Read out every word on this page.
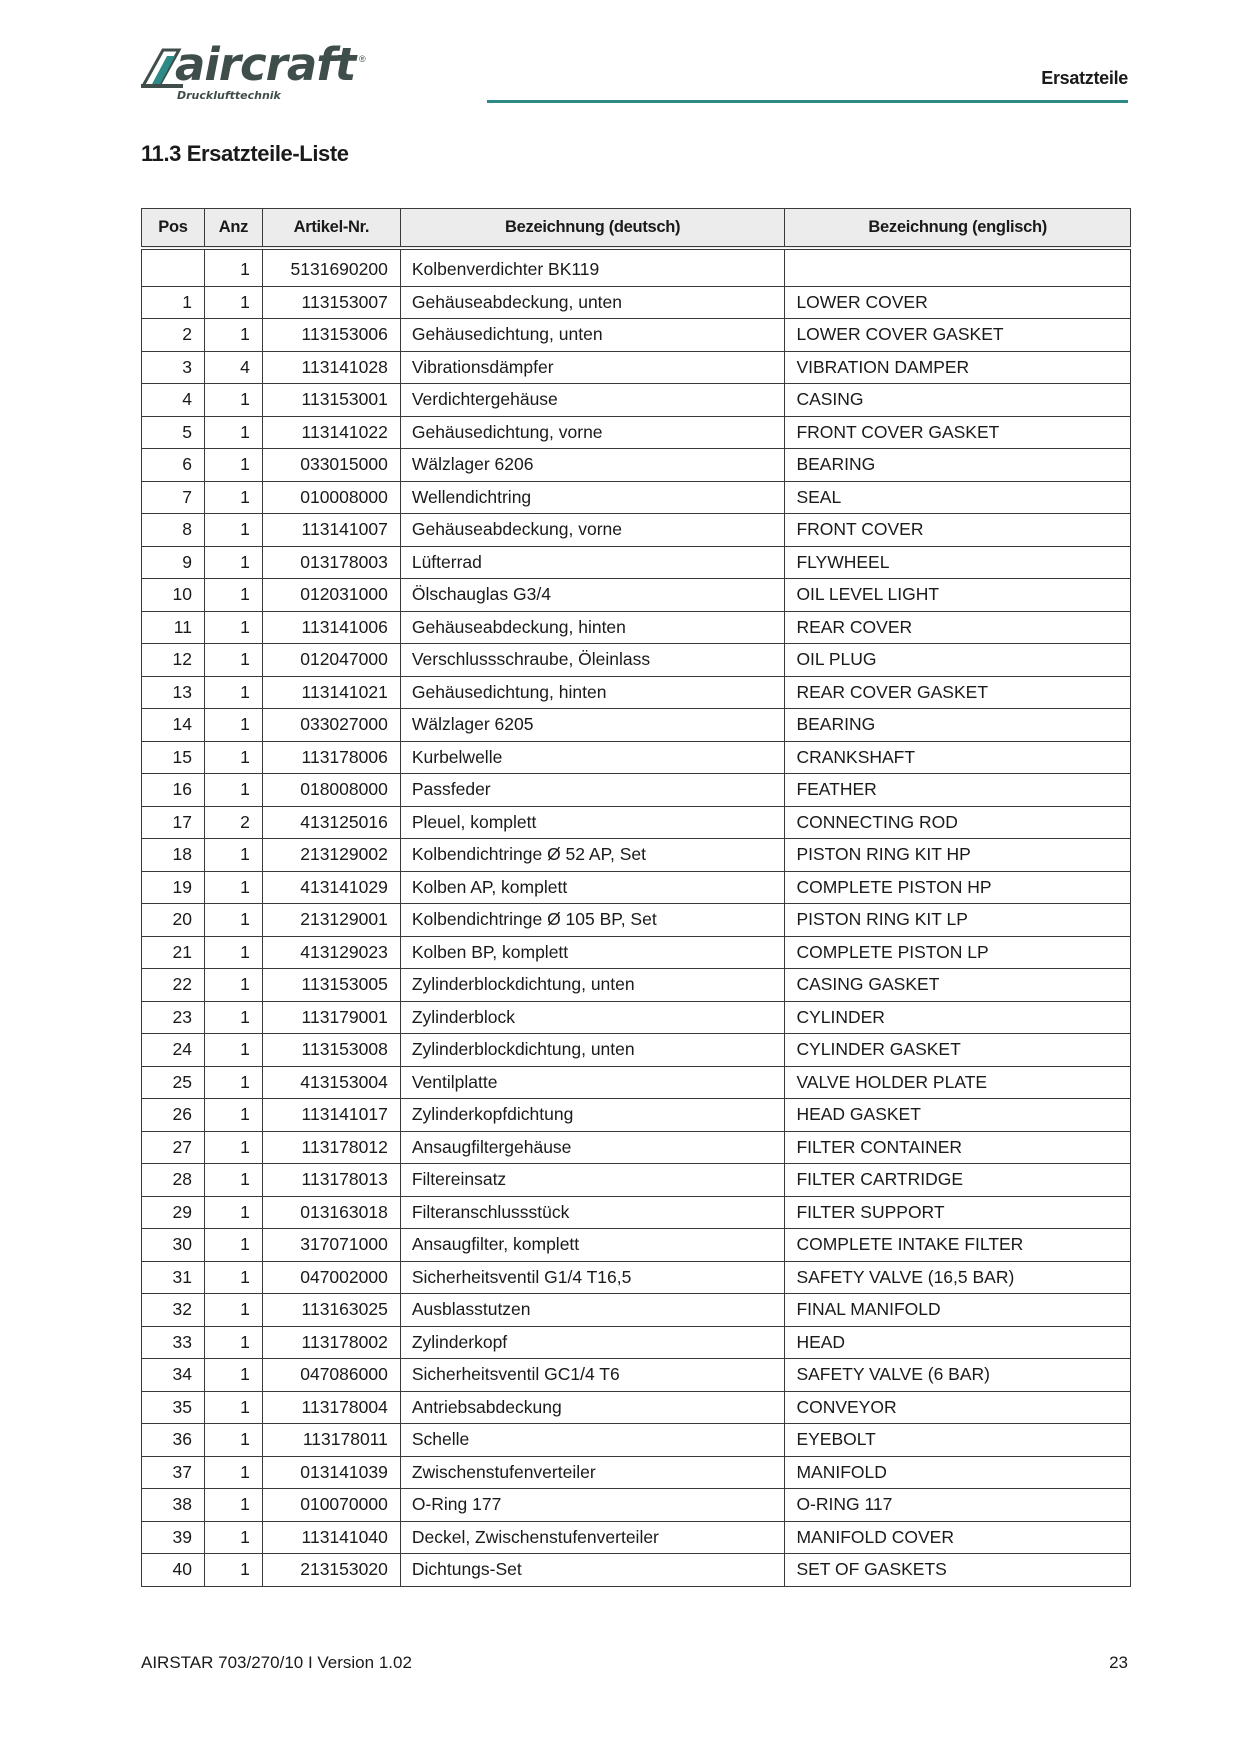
aircraft ®
Drucklufttechnik
Ersatzteile
11.3 Ersatzteile-Liste
Pos	Anz	Artikel-Nr.	Bezeichnung (deutsch)	Bezeichnung (englisch)
	1	5131690200	Kolbenverdichter BK119	
1	1	113153007	Gehäuseabdeckung, unten	LOWER COVER
2	1	113153006	Gehäusedichtung, unten	LOWER COVER GASKET
3	4	113141028	Vibrationsdämpfer	VIBRATION DAMPER
4	1	113153001	Verdichtergehäuse	CASING
5	1	113141022	Gehäusedichtung, vorne	FRONT COVER GASKET
6	1	033015000	Wälzlager 6206	BEARING
7	1	010008000	Wellendichtring	SEAL
8	1	113141007	Gehäuseabdeckung, vorne	FRONT COVER
9	1	013178003	Lüfterrad	FLYWHEEL
10	1	012031000	Ölschauglas G3/4	OIL LEVEL LIGHT
11	1	113141006	Gehäuseabdeckung, hinten	REAR COVER
12	1	012047000	Verschlussschraube, Öleinlass	OIL PLUG
13	1	113141021	Gehäusedichtung, hinten	REAR COVER GASKET
14	1	033027000	Wälzlager 6205	BEARING
15	1	113178006	Kurbelwelle	CRANKSHAFT
16	1	018008000	Passfeder	FEATHER
17	2	413125016	Pleuel, komplett	CONNECTING ROD
18	1	213129002	Kolbendichtringe Ø 52 AP, Set	PISTON RING KIT HP
19	1	413141029	Kolben AP, komplett	COMPLETE PISTON HP
20	1	213129001	Kolbendichtringe Ø 105 BP, Set	PISTON RING KIT LP
21	1	413129023	Kolben BP, komplett	COMPLETE PISTON LP
22	1	113153005	Zylinderblockdichtung, unten	CASING GASKET
23	1	113179001	Zylinderblock	CYLINDER
24	1	113153008	Zylinderblockdichtung, unten	CYLINDER GASKET
25	1	413153004	Ventilplatte	VALVE HOLDER PLATE
26	1	113141017	Zylinderkopfdichtung	HEAD GASKET
27	1	113178012	Ansaugfiltergehäuse	FILTER CONTAINER
28	1	113178013	Filtereinsatz	FILTER CARTRIDGE
29	1	013163018	Filteranschlussstück	FILTER SUPPORT
30	1	317071000	Ansaugfilter, komplett	COMPLETE INTAKE FILTER
31	1	047002000	Sicherheitsventil G1/4 T16,5	SAFETY VALVE (16,5 BAR)
32	1	113163025	Ausblasstutzen	FINAL MANIFOLD
33	1	113178002	Zylinderkopf	HEAD
34	1	047086000	Sicherheitsventil GC1/4 T6	SAFETY VALVE (6 BAR)
35	1	113178004	Antriebsabdeckung	CONVEYOR
36	1	113178011	Schelle	EYEBOLT
37	1	013141039	Zwischenstufenverteiler	MANIFOLD
38	1	010070000	O-Ring 177	O-RING 117
39	1	113141040	Deckel, Zwischenstufenverteiler	MANIFOLD COVER
40	1	213153020	Dichtungs-Set	SET OF GASKETS
AIRSTAR 703/270/10 I Version 1.02	23
